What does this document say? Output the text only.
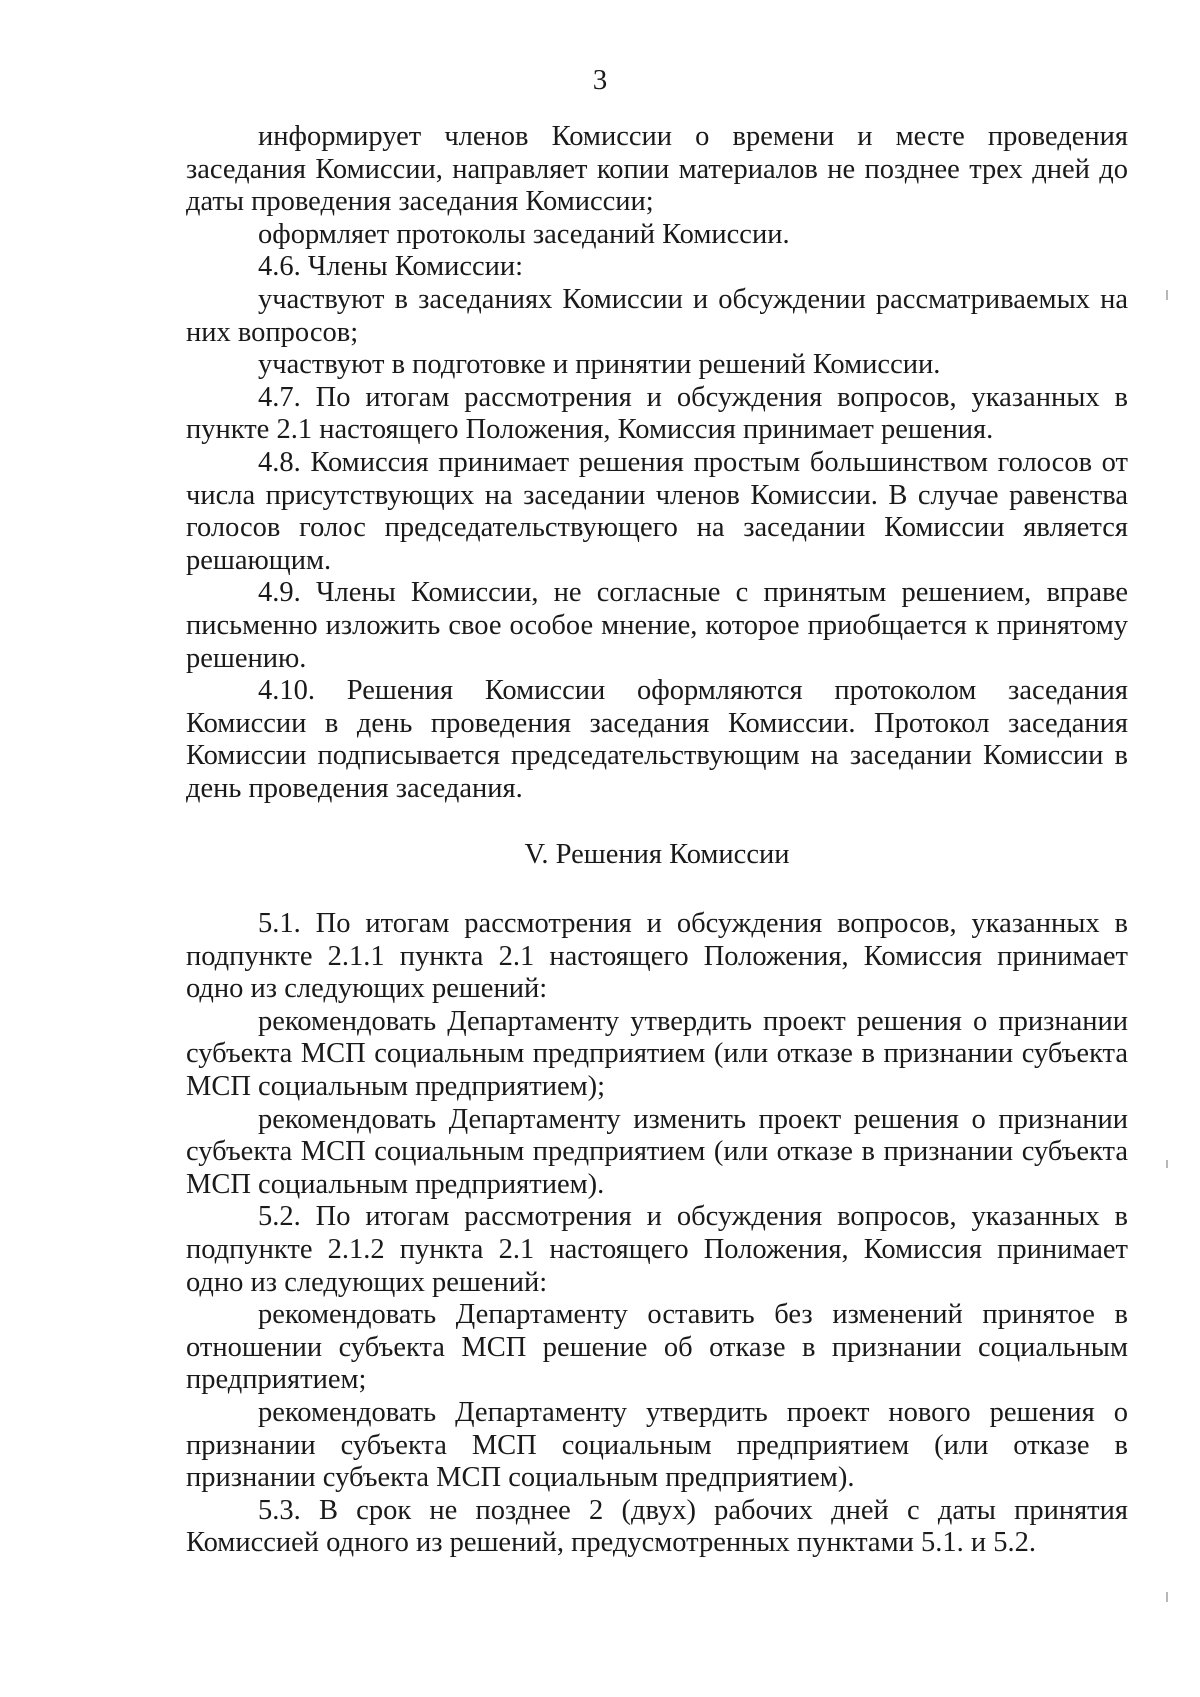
3

информирует членов Комиссии о времени и месте проведения заседания Комиссии, направляет копии материалов не позднее трех дней до даты проведения заседания Комиссии;

оформляет протоколы заседаний Комиссии.

4.6. Члены Комиссии:

участвуют в заседаниях Комиссии и обсуждении рассматриваемых на них вопросов;

участвуют в подготовке и принятии решений Комиссии.

4.7. По итогам рассмотрения и обсуждения вопросов, указанных в пункте 2.1 настоящего Положения, Комиссия принимает решения.

4.8. Комиссия принимает решения простым большинством голосов от числа присутствующих на заседании членов Комиссии. В случае равенства голосов голос председательствующего на заседании Комиссии является решающим.

4.9. Члены Комиссии, не согласные с принятым решением, вправе письменно изложить свое особое мнение, которое приобщается к принятому решению.

4.10. Решения Комиссии оформляются протоколом заседания Комиссии в день проведения заседания Комиссии. Протокол заседания Комиссии подписывается председательствующим на заседании Комиссии в день проведения заседания.

V. Решения Комиссии

5.1. По итогам рассмотрения и обсуждения вопросов, указанных в подпункте 2.1.1 пункта 2.1 настоящего Положения, Комиссия принимает одно из следующих решений:

рекомендовать Департаменту утвердить проект решения о признании субъекта МСП социальным предприятием (или отказе в признании субъекта МСП социальным предприятием);

рекомендовать Департаменту изменить проект решения о признании субъекта МСП социальным предприятием (или отказе в признании субъекта МСП социальным предприятием).

5.2. По итогам рассмотрения и обсуждения вопросов, указанных в подпункте 2.1.2 пункта 2.1 настоящего Положения, Комиссия принимает одно из следующих решений:

рекомендовать Департаменту оставить без изменений принятое в отношении субъекта МСП решение об отказе в признании социальным предприятием;

рекомендовать Департаменту утвердить проект нового решения о признании субъекта МСП социальным предприятием (или отказе в признании субъекта МСП социальным предприятием).

5.3. В срок не позднее 2 (двух) рабочих дней с даты принятия Комиссией одного из решений, предусмотренных пунктами 5.1. и 5.2.
